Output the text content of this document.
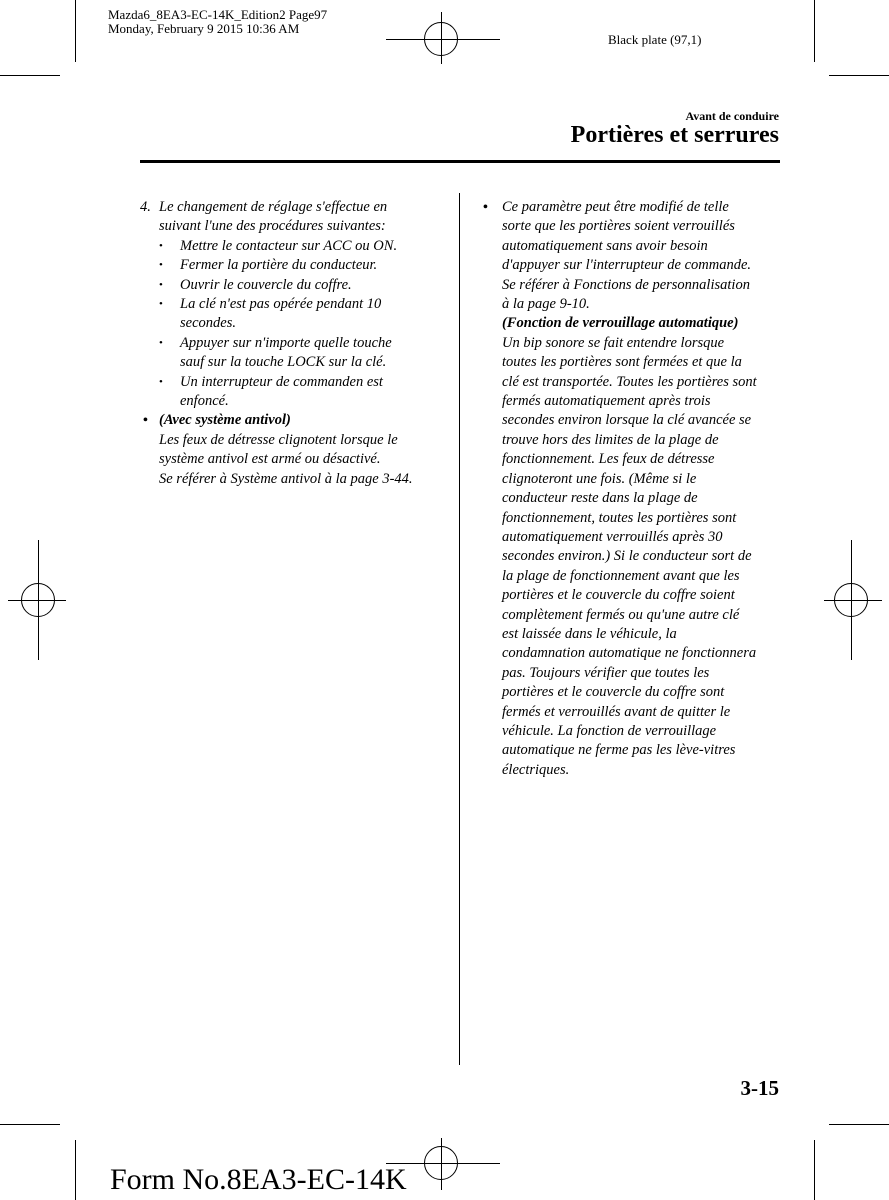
Mazda6_8EA3-EC-14K_Edition2 Page97
Monday, February 9 2015 10:36 AM
Black plate (97,1)
Avant de conduire
Portières et serrures
4. Le changement de réglage s'effectue en
suivant l'une des procédures suivantes:
• Mettre le contacteur sur ACC ou ON.
• Fermer la portière du conducteur.
• Ouvrir le couvercle du coffre.
• La clé n'est pas opérée pendant 10
secondes.
• Appuyer sur n'importe quelle touche
sauf sur la touche LOCK sur la clé.
• Un interrupteur de commanden est
enfoncé.
• (Avec système antivol)
Les feux de détresse clignotent lorsque le
système antivol est armé ou désactivé.
Se référer à Système antivol à la page 3-44.
• Ce paramètre peut être modifié de telle
sorte que les portières soient verrouillés
automatiquement sans avoir besoin
d'appuyer sur l'interrupteur de commande.
Se référer à Fonctions de personnalisation
à la page 9-10.
(Fonction de verrouillage automatique)
Un bip sonore se fait entendre lorsque
toutes les portières sont fermées et que la
clé est transportée. Toutes les portières sont
fermés automatiquement après trois
secondes environ lorsque la clé avancée se
trouve hors des limites de la plage de
fonctionnement. Les feux de détresse
clignoteront une fois. (Même si le
conducteur reste dans la plage de
fonctionnement, toutes les portières sont
automatiquement verrouillés après 30
secondes environ.) Si le conducteur sort de
la plage de fonctionnement avant que les
portières et le couvercle du coffre soient
complètement fermés ou qu'une autre clé
est laissée dans le véhicule, la
condamnation automatique ne fonctionnera
pas. Toujours vérifier que toutes les
portières et le couvercle du coffre sont
fermés et verrouillés avant de quitter le
véhicule. La fonction de verrouillage
automatique ne ferme pas les lève-vitres
électriques.
3-15
Form No.8EA3-EC-14K
